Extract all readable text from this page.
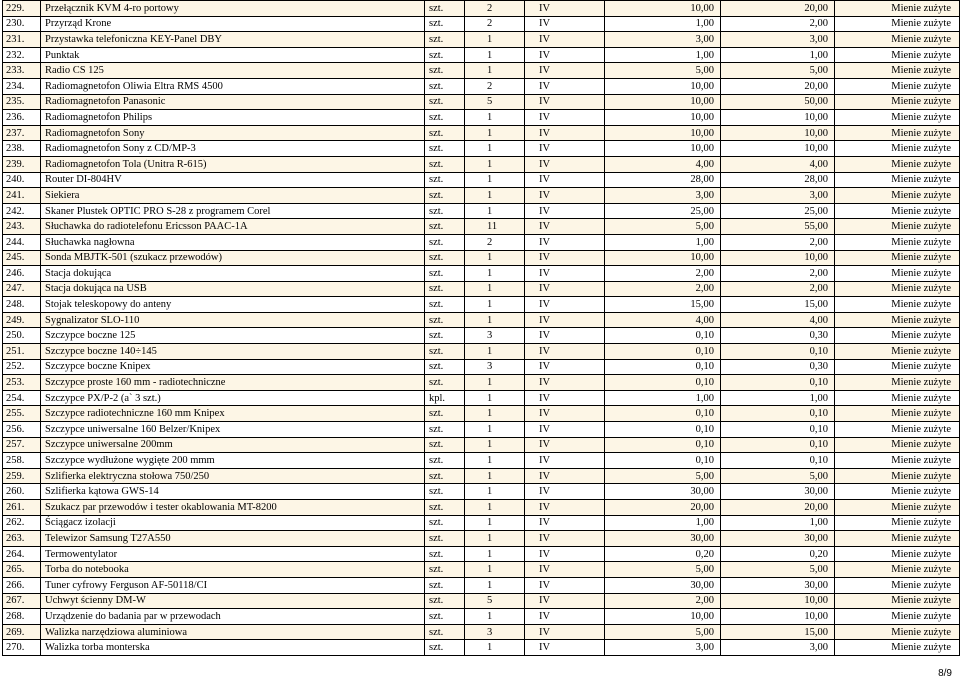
229.	Przełącznik KVM 4-ro portowy	szt.	2	IV	10,00	20,00	Mienie zużyte
230.	Przyrząd Krone	szt.	2	IV	1,00	2,00	Mienie zużyte
231.	Przystawka telefoniczna KEY-Panel DBY	szt.	1	IV	3,00	3,00	Mienie zużyte
232.	Punktak	szt.	1	IV	1,00	1,00	Mienie zużyte
233.	Radio CS 125	szt.	1	IV	5,00	5,00	Mienie zużyte
234.	Radiomagnetofon Oliwia Eltra RMS 4500	szt.	2	IV	10,00	20,00	Mienie zużyte
235.	Radiomagnetofon Panasonic	szt.	5	IV	10,00	50,00	Mienie zużyte
236.	Radiomagnetofon Philips	szt.	1	IV	10,00	10,00	Mienie zużyte
237.	Radiomagnetofon Sony	szt.	1	IV	10,00	10,00	Mienie zużyte
238.	Radiomagnetofon Sony z CD/MP-3	szt.	1	IV	10,00	10,00	Mienie zużyte
239.	Radiomagnetofon Tola (Unitra R-615)	szt.	1	IV	4,00	4,00	Mienie zużyte
240.	Router DI-804HV	szt.	1	IV	28,00	28,00	Mienie zużyte
241.	Siekiera	szt.	1	IV	3,00	3,00	Mienie zużyte
242.	Skaner Plustek OPTIC PRO S-28 z programem Corel	szt.	1	IV	25,00	25,00	Mienie zużyte
243.	Słuchawka do radiotelefonu Ericsson PAAC-1A	szt.	11	IV	5,00	55,00	Mienie zużyte
244.	Słuchawka nagłowna	szt.	2	IV	1,00	2,00	Mienie zużyte
245.	Sonda MBJTK-501 (szukacz przewodów)	szt.	1	IV	10,00	10,00	Mienie zużyte
246.	Stacja dokująca	szt.	1	IV	2,00	2,00	Mienie zużyte
247.	Stacja dokująca na USB	szt.	1	IV	2,00	2,00	Mienie zużyte
248.	Stojak teleskopowy do anteny	szt.	1	IV	15,00	15,00	Mienie zużyte
249.	Sygnalizator SLO-110	szt.	1	IV	4,00	4,00	Mienie zużyte
250.	Szczypce boczne 125	szt.	3	IV	0,10	0,30	Mienie zużyte
251.	Szczypce boczne 140÷145	szt.	1	IV	0,10	0,10	Mienie zużyte
252.	Szczypce boczne Knipex	szt.	3	IV	0,10	0,30	Mienie zużyte
253.	Szczypce proste 160 mm - radiotechniczne	szt.	1	IV	0,10	0,10	Mienie zużyte
254.	Szczypce PX/P-2 (a` 3 szt.)	kpl.	1	IV	1,00	1,00	Mienie zużyte
255.	Szczypce radiotechniczne 160 mm Knipex	szt.	1	IV	0,10	0,10	Mienie zużyte
256.	Szczypce uniwersalne 160 Belzer/Knipex	szt.	1	IV	0,10	0,10	Mienie zużyte
257.	Szczypce uniwersalne 200mm	szt.	1	IV	0,10	0,10	Mienie zużyte
258.	Szczypce wydłużone wygięte 200 mmm	szt.	1	IV	0,10	0,10	Mienie zużyte
259.	Szlifierka elektryczna stołowa 750/250	szt.	1	IV	5,00	5,00	Mienie zużyte
260.	Szlifierka kątowa GWS-14	szt.	1	IV	30,00	30,00	Mienie zużyte
261.	Szukacz par przewodów i tester okablowania MT-8200	szt.	1	IV	20,00	20,00	Mienie zużyte
262.	Ściągacz izolacji	szt.	1	IV	1,00	1,00	Mienie zużyte
263.	Telewizor Samsung T27A550	szt.	1	IV	30,00	30,00	Mienie zużyte
264.	Termowentylator	szt.	1	IV	0,20	0,20	Mienie zużyte
265.	Torba do notebooka	szt.	1	IV	5,00	5,00	Mienie zużyte
266.	Tuner cyfrowy Ferguson AF-50118/CI	szt.	1	IV	30,00	30,00	Mienie zużyte
267.	Uchwyt ścienny DM-W	szt.	5	IV	2,00	10,00	Mienie zużyte
268.	Urządzenie do badania par w przewodach	szt.	1	IV	10,00	10,00	Mienie zużyte
269.	Walizka narzędziowa aluminiowa	szt.	3	IV	5,00	15,00	Mienie zużyte
270.	Walizka torba monterska	szt.	1	IV	3,00	3,00	Mienie zużyte
8/9
